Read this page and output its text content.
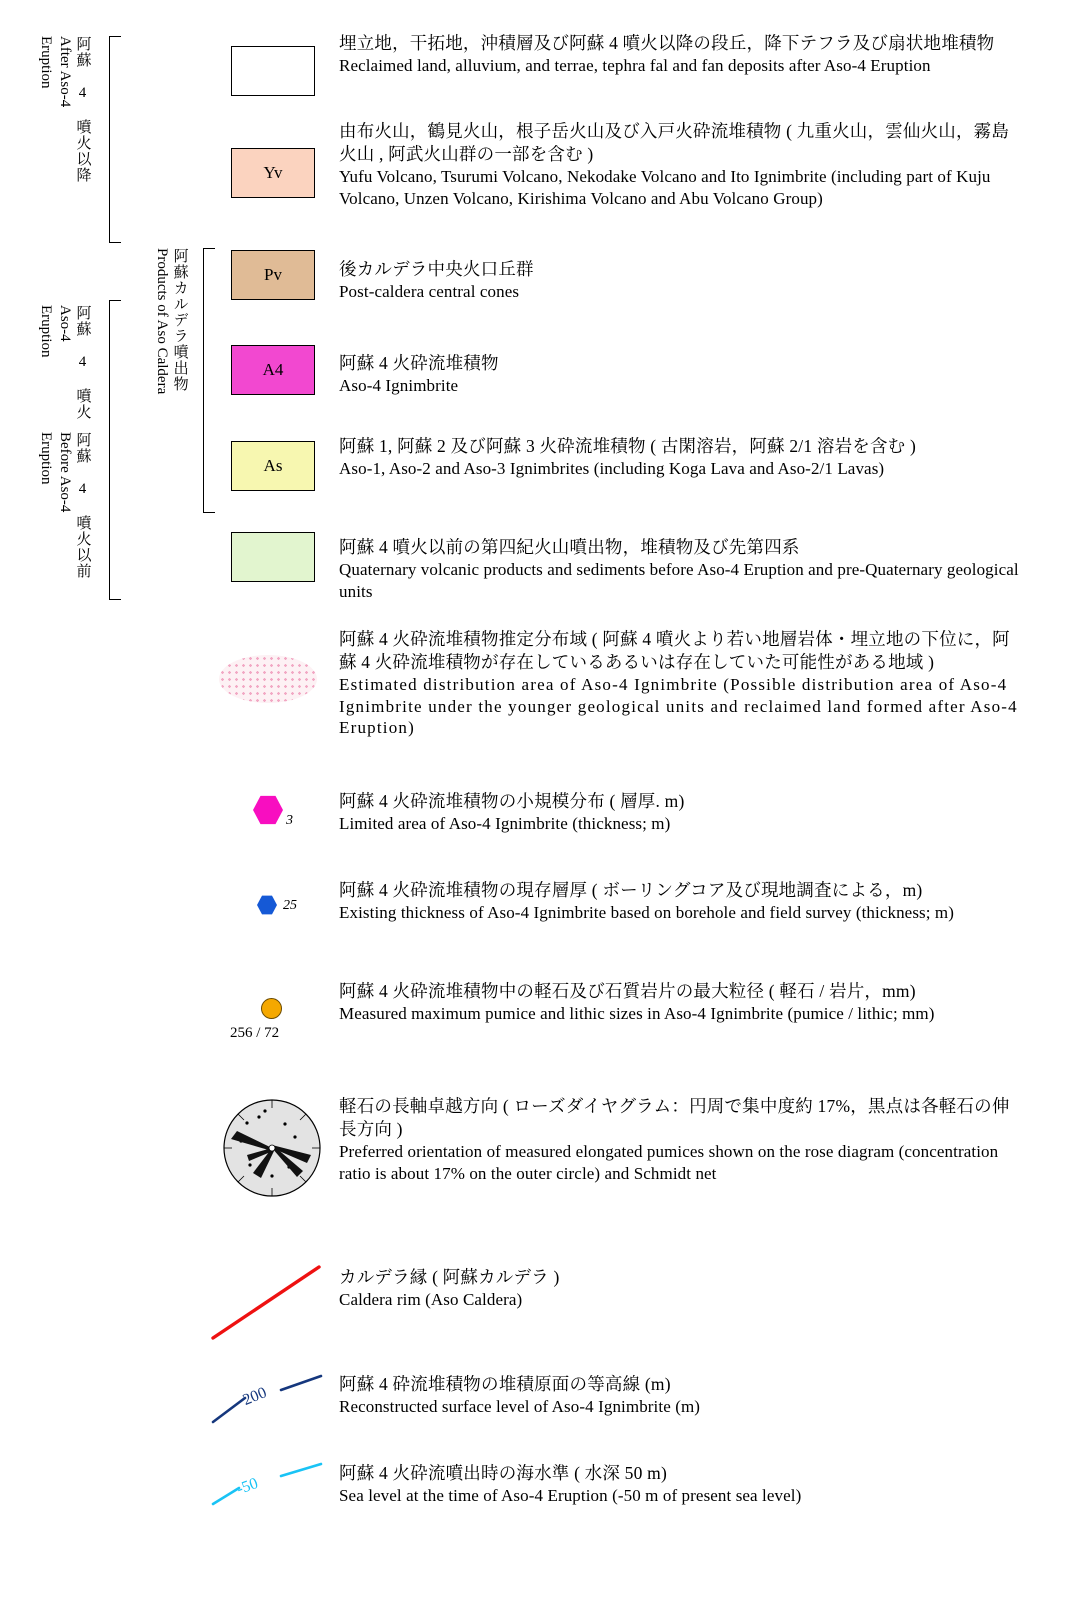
阿蘇 4 噴火以降
After Aso-4
Eruption
阿蘇 4 噴火
Aso-4
Eruption
阿蘇 4 噴火以前
Before Aso-4
Eruption
阿蘇カルデラ噴出物
Products of Aso Caldera
Yv
Pv
A4
As
埋立地，干拓地，沖積層及び阿蘇 4 噴火以降の段丘，降下テフラ及び扇状地堆積物
Reclaimed land, alluvium, and terrae, tephra fal and fan deposits after Aso-4 Eruption
由布火山，鶴見火山，根子岳火山及び入戸火砕流堆積物 ( 九重火山，雲仙火山，霧島火山 , 阿武火山群の一部を含む )
Yufu Volcano, Tsurumi Volcano, Nekodake Volcano and Ito Ignimbrite (including part of Kuju Volcano, Unzen Volcano, Kirishima Volcano and Abu Volcano Group)
後カルデラ中央火口丘群
Post-caldera central cones
阿蘇 4 火砕流堆積物
Aso-4 Ignimbrite
阿蘇 1, 阿蘇 2 及び阿蘇 3 火砕流堆積物 ( 古閑溶岩，阿蘇 2/1 溶岩を含む )
Aso-1, Aso-2 and Aso-3 Ignimbrites (including Koga Lava and Aso-2/1 Lavas)
阿蘇 4 噴火以前の第四紀火山噴出物，堆積物及び先第四系
Quaternary volcanic products and sediments before Aso-4 Eruption and pre-Quaternary geological units
阿蘇 4 火砕流堆積物推定分布域 ( 阿蘇 4 噴火より若い地層岩体・埋立地の下位に，阿蘇 4 火砕流堆積物が存在しているあるいは存在していた可能性がある地域 )
Estimated distribution area of Aso-4 Ignimbrite (Possible distribution area of Aso-4 Ignimbrite under the younger geological units and reclaimed land formed after Aso-4 Eruption)
3
阿蘇 4 火砕流堆積物の小規模分布 ( 層厚. m)
Limited area of Aso-4 Ignimbrite (thickness; m)
25
阿蘇 4 火砕流堆積物の現存層厚 ( ボーリングコア及び現地調査による，m)
Existing thickness of Aso-4 Ignimbrite based on borehole and field survey (thickness; m)
256 / 72
阿蘇 4 火砕流堆積物中の軽石及び石質岩片の最大粒径 ( 軽石 / 岩片，mm)
Measured maximum pumice and lithic sizes in Aso-4 Ignimbrite (pumice / lithic; mm)
軽石の長軸卓越方向 ( ローズダイヤグラム：円周で集中度約 17%，黒点は各軽石の伸長方向 )
Preferred orientation of measured elongated pumices shown on the rose diagram (concentration ratio is about 17% on the outer circle) and Schmidt net
カルデラ縁 ( 阿蘇カルデラ )
Caldera rim (Aso Caldera)
200
阿蘇 4 砕流堆積物の堆積原面の等高線 (m)
Reconstructed surface level of Aso-4 Ignimbrite (m)
-50
阿蘇 4 火砕流噴出時の海水準 ( 水深 50 m)
Sea level at the time of Aso-4 Eruption (-50 m of present sea level)
